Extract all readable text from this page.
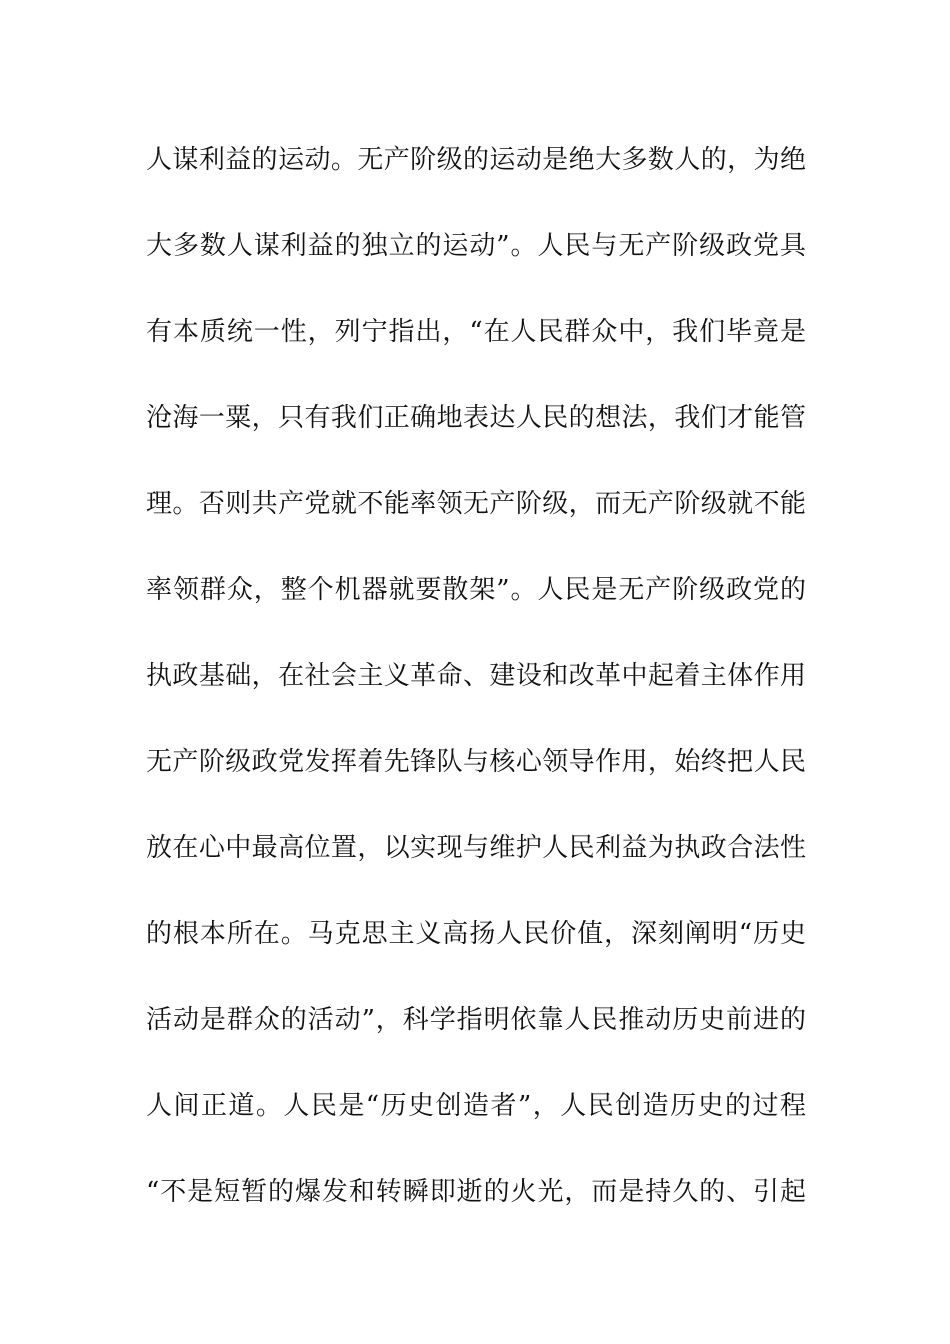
人谋利益的运动。无产阶级的运动是绝大多数人的，为绝
大多数人谋利益的独立的运动”。人民与无产阶级政党具
有本质统一性，列宁指出，“在人民群众中，我们毕竟是
沧海一粟，只有我们正确地表达人民的想法，我们才能管
理。否则共产党就不能率领无产阶级，而无产阶级就不能
率领群众，整个机器就要散架”。人民是无产阶级政党的
执政基础，在社会主义革命、建设和改革中起着主体作用
无产阶级政党发挥着先锋队与核心领导作用，始终把人民
放在心中最高位置，以实现与维护人民利益为执政合法性
的根本所在。马克思主义高扬人民价值，深刻阐明“历史
活动是群众的活动”，科学指明依靠人民推动历史前进的
人间正道。人民是“历史创造者”，人民创造历史的过程
“不是短暂的爆发和转瞬即逝的火光，而是持久的、引起
